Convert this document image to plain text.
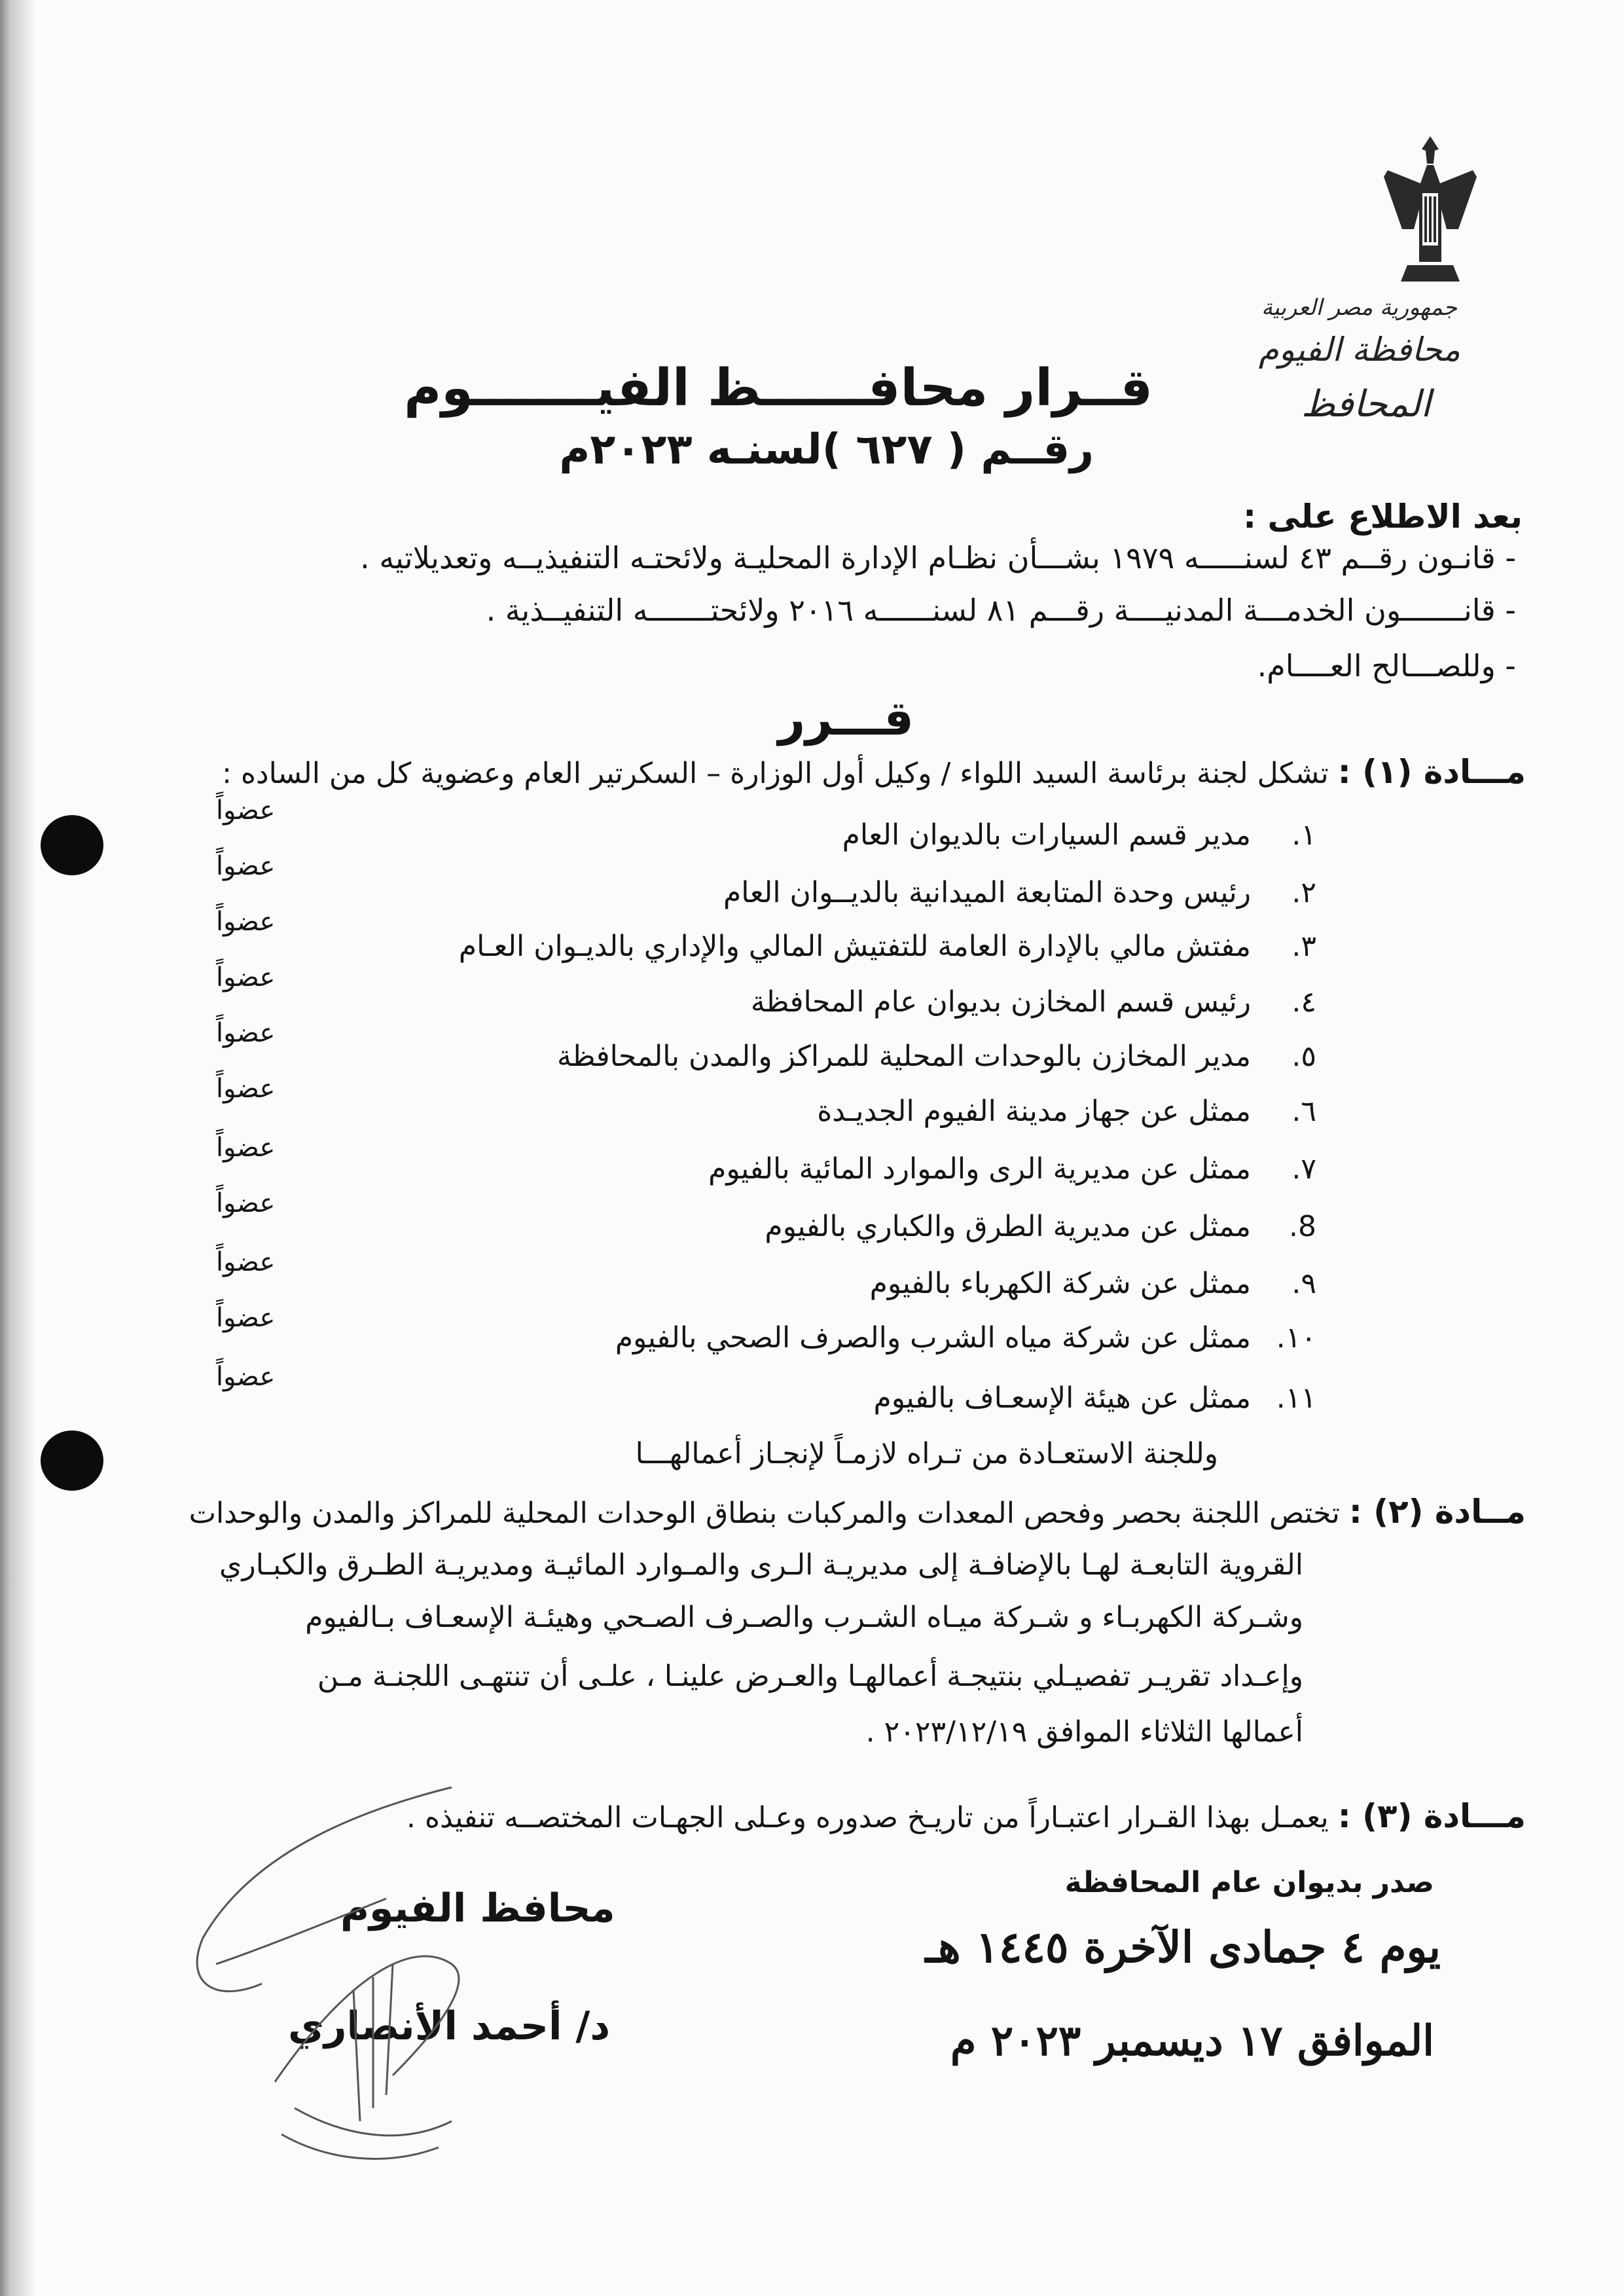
جمهورية مصر العربية
محافظة الفيوم
المحافظ
قــرار محافــــــظ الفيـــــــوم
رقــم ( ٦٢٧ )لسنـه ٢٠٢٣م
بعد الاطلاع على :
- قانـون رقــم ٤٣ لسنـــــه ١٩٧٩ بشـــأن نظـام الإدارة المحليـة ولائحتـه التنفيذيــه وتعديلاتيه .
- قانـــــــون الخدمـــة المدنيــــة رقـــم ٨١ لسنــــــه ٢٠١٦ ولائحتـــــــه التنفيــذية .
- وللصـــالح العــــام.
قـــرر
مـــادة (١) : تشكل لجنة برئاسة السيد اللواء / وكيل أول الوزارة – السكرتير العام وعضوية كل من الساده :
١.
مدير قسم السيارات بالديوان العام
عضواً
٢.
رئيس وحدة المتابعة الميدانية بالديــوان العام
عضواً
٣.
مفتش مالي بالإدارة العامة للتفتيش المالي والإداري بالديـوان العـام
عضواً
٤.
رئيس قسم المخازن بديوان عام المحافظة
عضواً
٥.
مدير المخازن بالوحدات المحلية للمراكز والمدن بالمحافظة
عضواً
٦.
ممثل عن جهاز مدينة الفيوم الجديـدة
عضواً
٧.
ممثل عن مديرية الرى والموارد المائية بالفيوم
عضواً
8.
ممثل عن مديرية الطرق والكباري بالفيوم
عضواً
٩.
ممثل عن شركة الكهرباء بالفيوم
عضواً
١٠.
ممثل عن شركة مياه الشرب والصرف الصحي بالفيوم
عضواً
١١.
ممثل عن هيئة الإسعـاف بالفيوم
عضواً
وللجنة الاستعـادة من تـراه لازمـاً لإنجـاز أعمالهـــا
مــادة (٢) : تختص اللجنة بحصر وفحص المعدات والمركبات بنطاق الوحدات المحلية للمراكز والمدن والوحدات
القروية التابعـة لهـا بالإضافـة إلى مديريـة الـرى والمـوارد المائيـة ومديريـة الطـرق والكبـاري
وشـركة الكهربـاء و شـركة ميـاه الشـرب والصـرف الصـحي وهيئـة الإسعـاف بـالفيوم
وإعـداد تقريـر تفصيـلي بنتيجـة أعمالهـا والعـرض علينـا ، علـى أن تنتهـى اللجنـة مـن
أعمالها الثلاثاء الموافق ٢٠٢٣/١٢/١٩ .
مـــادة (٣) : يعمـل بهذا القـرار اعتبـاراً من تاريـخ صدوره وعـلى الجهـات المختصــه تنفيذه .
صدر بديوان عام المحافظة
يوم ٤ جمادى الآخرة ١٤٤٥ هـ
الموافق ١٧ ديسمبر ٢٠٢٣ م
محافظ الفيوم
د/ أحمد الأنصاري
